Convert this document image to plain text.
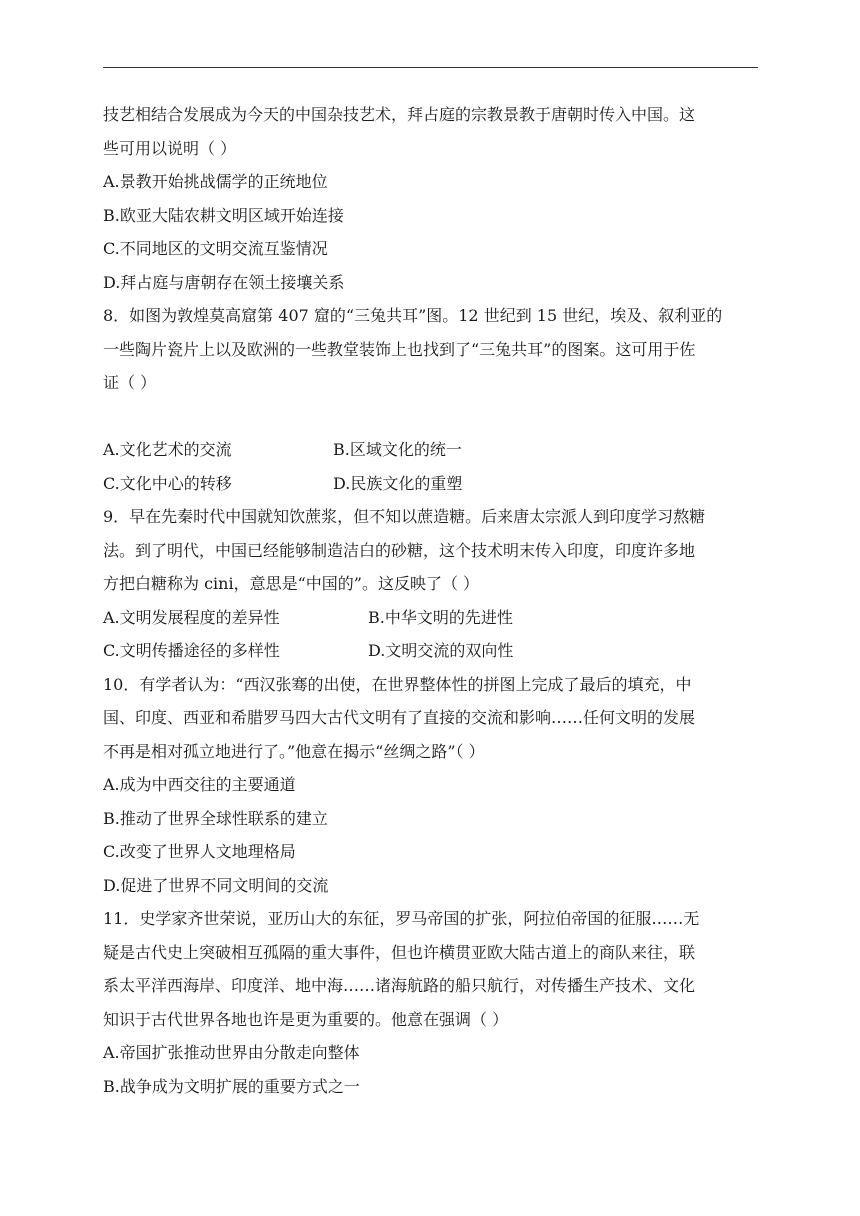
技艺相结合发展成为今天的中国杂技艺术，拜占庭的宗教景教于唐朝时传入中国。这
些可用以说明（ ）
A.景教开始挑战儒学的正统地位
B.欧亚大陆农耕文明区域开始连接
C.不同地区的文明交流互鉴情况
D.拜占庭与唐朝存在领土接壤关系
8．如图为敦煌莫高窟第 407 窟的“三兔共耳”图。12 世纪到 15 世纪，埃及、叙利亚的
一些陶片瓷片上以及欧洲的一些教堂装饰上也找到了“三兔共耳”的图案。这可用于佐
证（ ）
A.文化艺术的交流	B.区域文化的统一
C.文化中心的转移	D.民族文化的重塑
9．早在先秦时代中国就知饮蔗浆，但不知以蔗造糖。后来唐太宗派人到印度学习熬糖
法。到了明代，中国已经能够制造洁白的砂糖，这个技术明末传入印度，印度许多地
方把白糖称为 cini，意思是“中国的”。这反映了（ ）
A.文明发展程度的差异性	B.中华文明的先进性
C.文明传播途径的多样性	D.文明交流的双向性
10．有学者认为：“西汉张骞的出使，在世界整体性的拼图上完成了最后的填充，中
国、印度、西亚和希腊罗马四大古代文明有了直接的交流和影响……任何文明的发展
不再是相对孤立地进行了。”他意在揭示“丝绸之路”（ ）
A.成为中西交往的主要通道
B.推动了世界全球性联系的建立
C.改变了世界人文地理格局
D.促进了世界不同文明间的交流
11．史学家齐世荣说，亚历山大的东征，罗马帝国的扩张，阿拉伯帝国的征服……无
疑是古代史上突破相互孤隔的重大事件，但也许横贯亚欧大陆古道上的商队来往，联
系太平洋西海岸、印度洋、地中海……诸海航路的船只航行，对传播生产技术、文化
知识于古代世界各地也许是更为重要的。他意在强调（ ）
A.帝国扩张推动世界由分散走向整体
B.战争成为文明扩展的重要方式之一
